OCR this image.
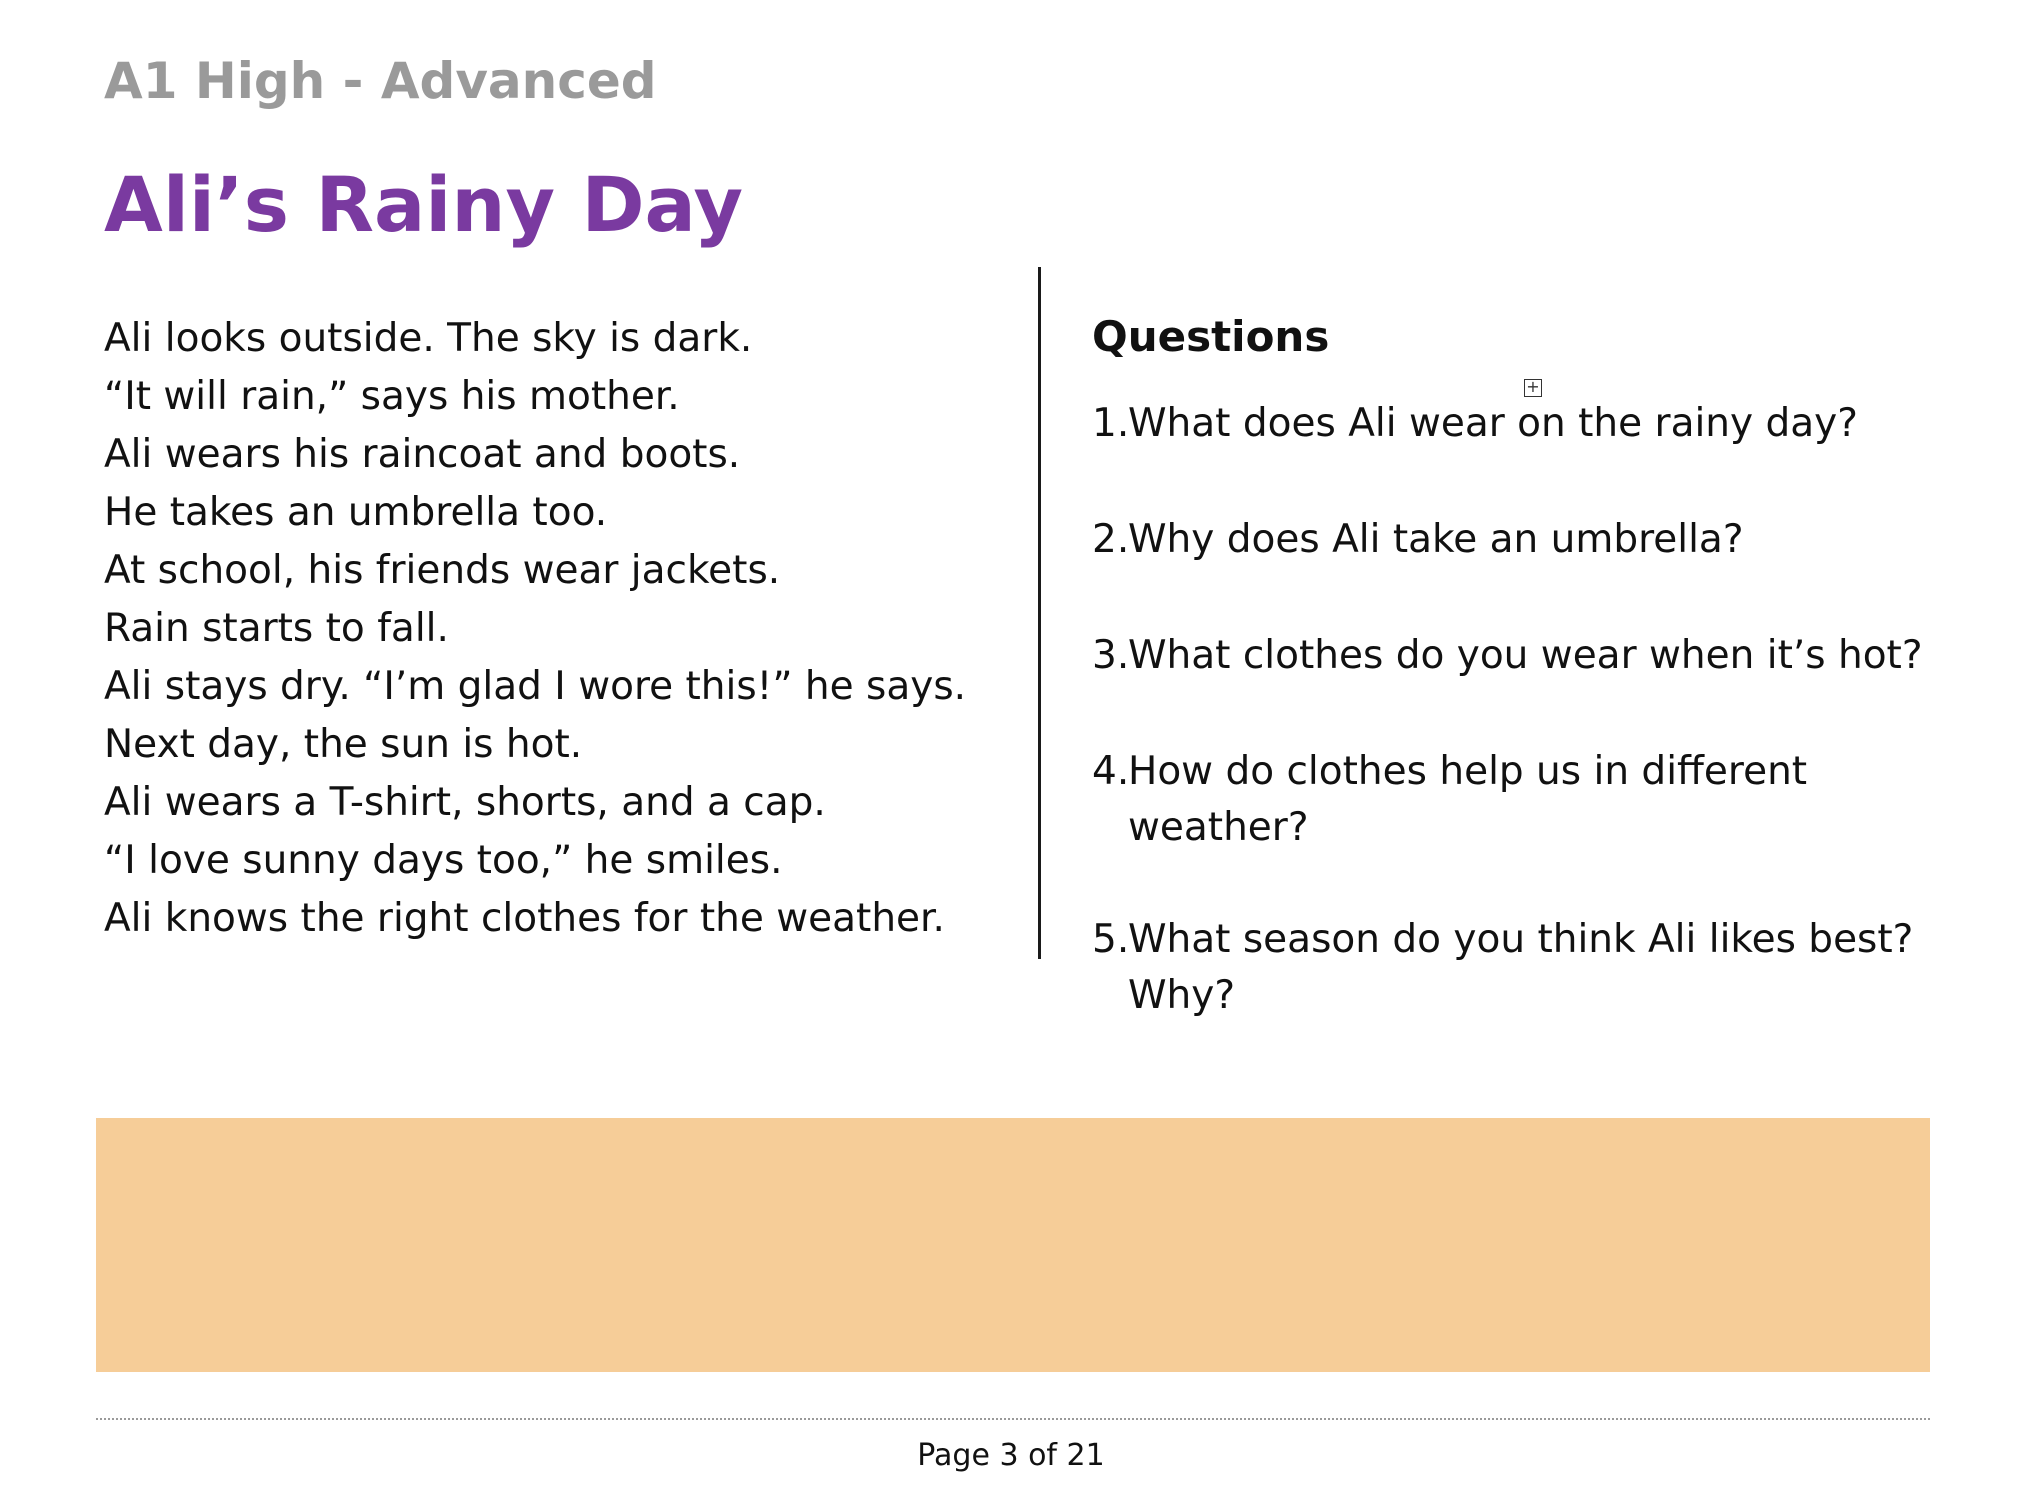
A1 High - Advanced
Ali’s Rainy Day
Ali looks outside. The sky is dark.
“It will rain,” says his mother.
Ali wears his raincoat and boots.
He takes an umbrella too.
At school, his friends wear jackets.
Rain starts to fall.
Ali stays dry. “I’m glad I wore this!” he says.
Next day, the sun is hot.
Ali wears a T-shirt, shorts, and a cap.
“I love sunny days too,” he smiles.
Ali knows the right clothes for the weather.
Questions
+
1.
What does Ali wear on the rainy day?
2.
Why does Ali take an umbrella?
3.
What clothes do you wear when it’s hot?
4.
How do clothes help us in different weather?
5.
What season do you think Ali likes best? Why?

Page 3 of 21
